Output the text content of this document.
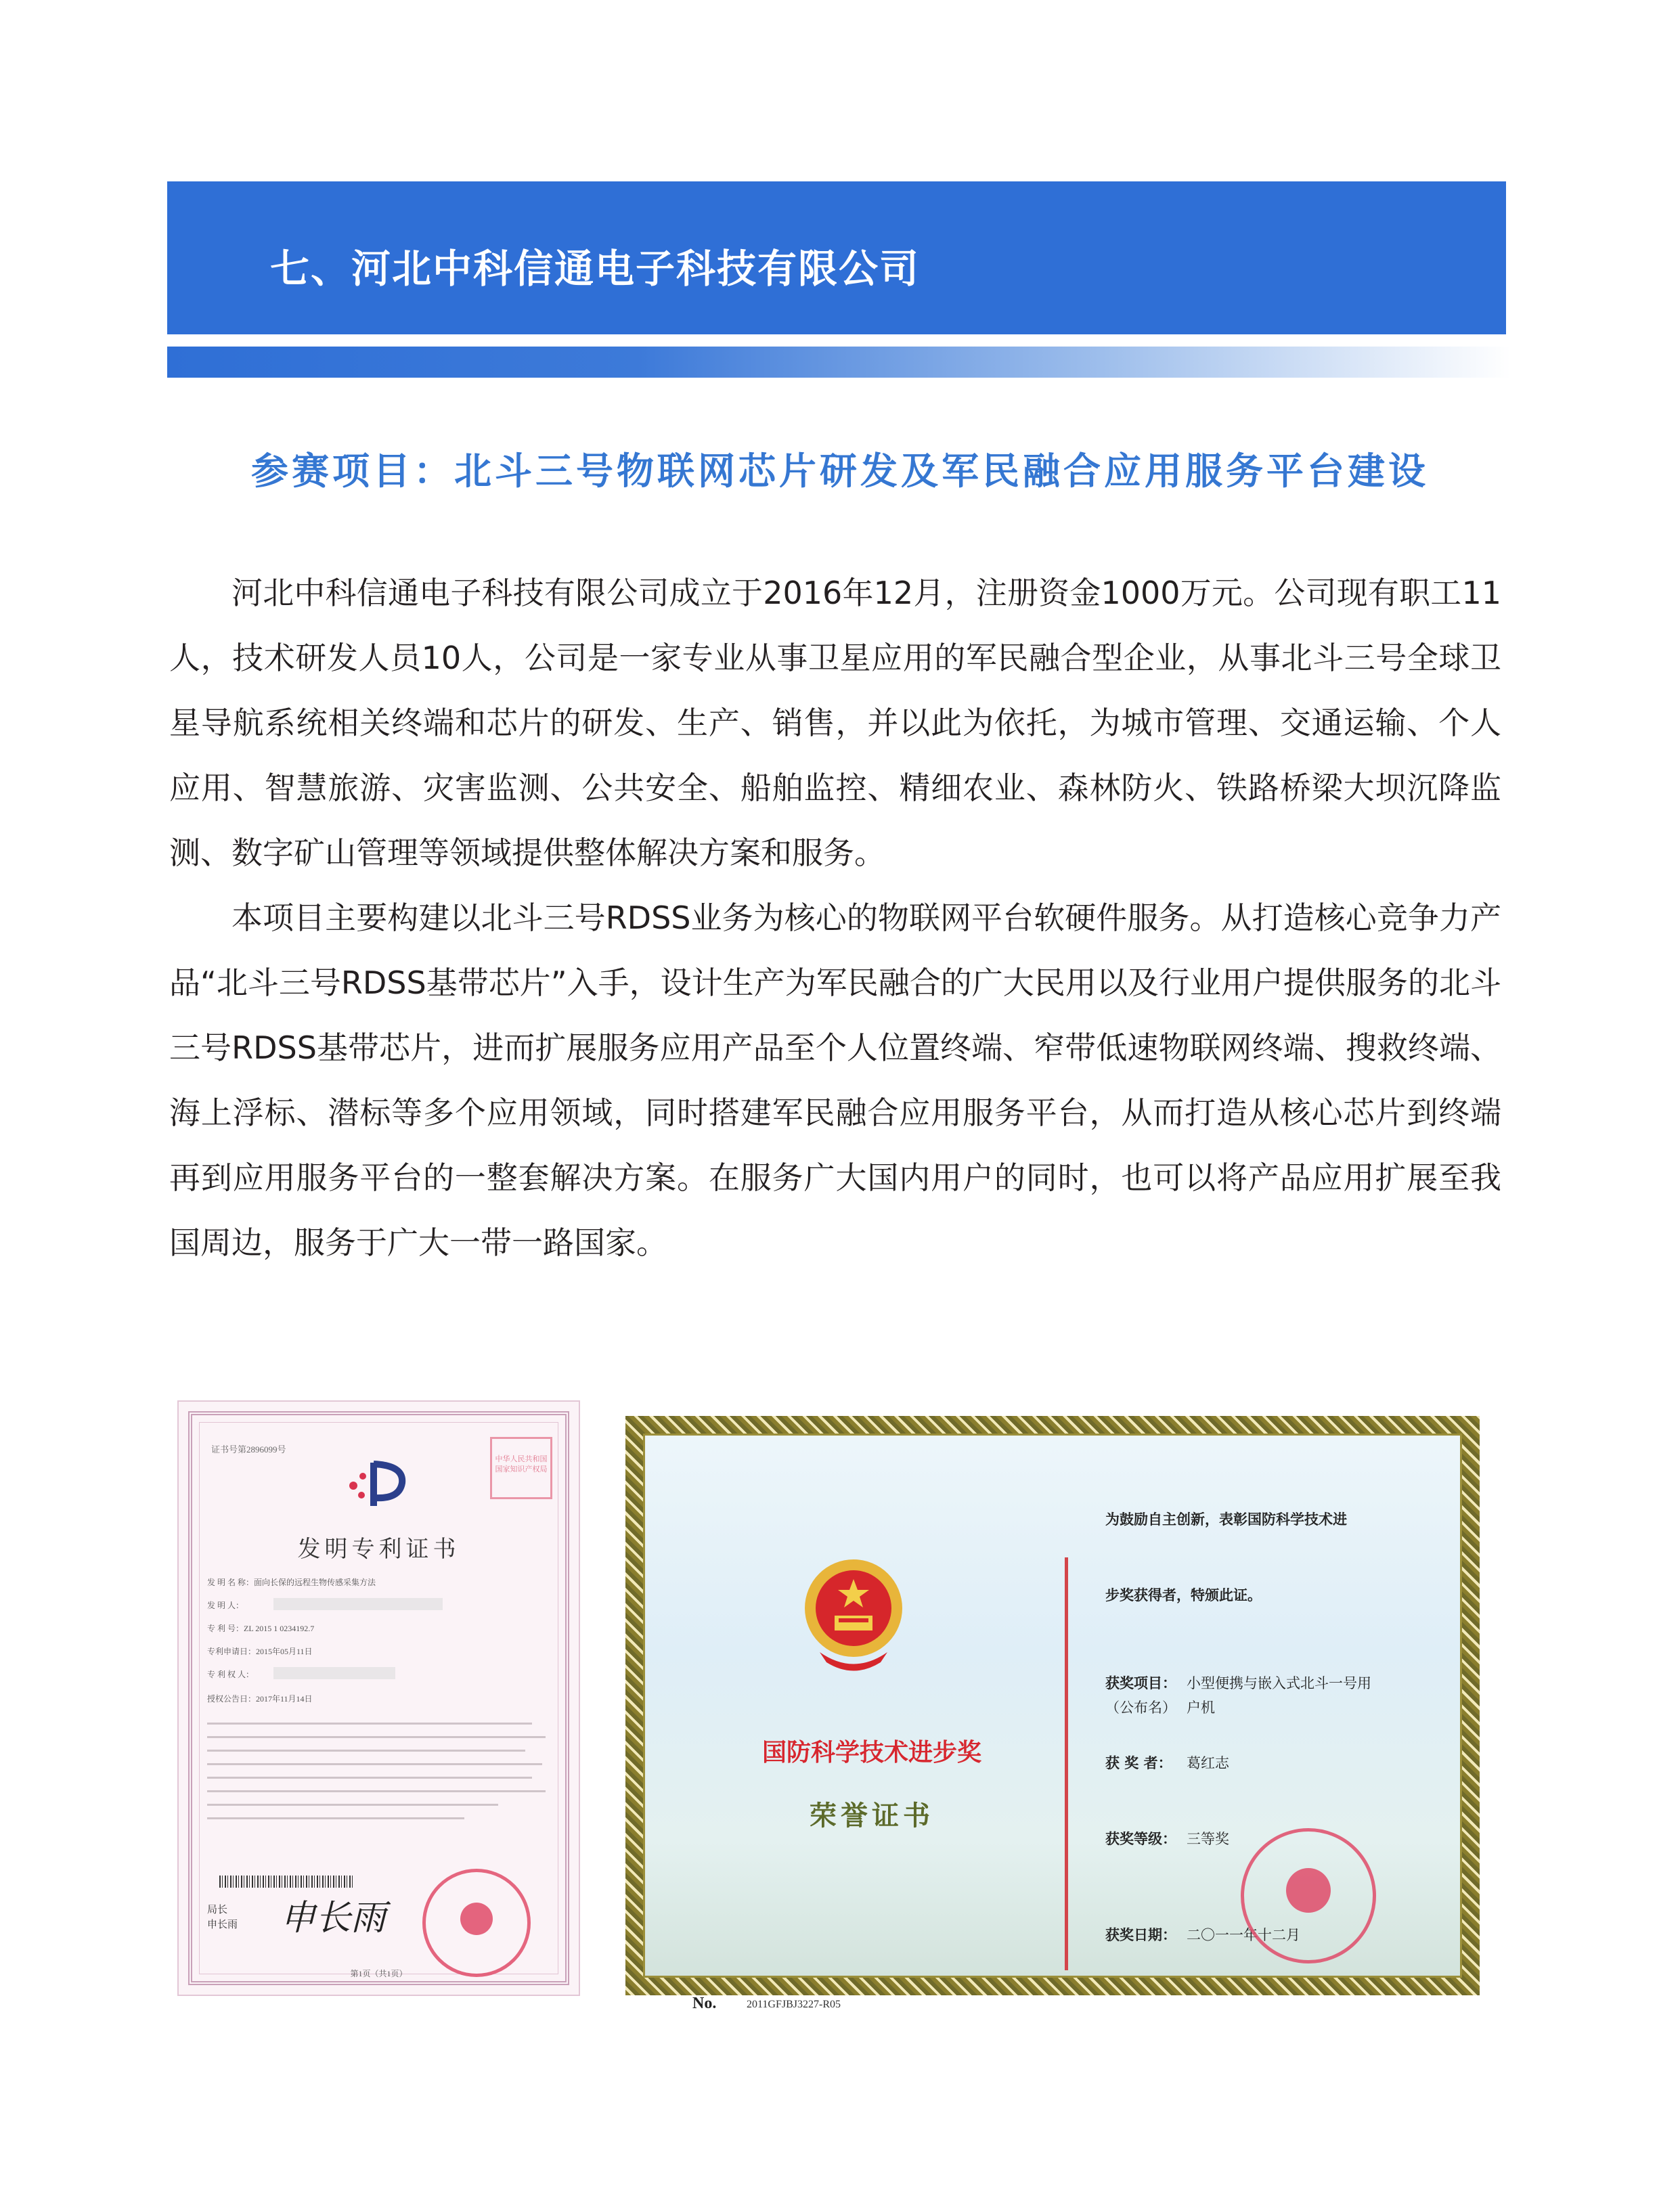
七、河北中科信通电子科技有限公司
参赛项目：北斗三号物联网芯片研发及军民融合应用服务平台建设

河北中科信通电子科技有限公司成立于2016年12月，注册资金1000万元。公司现有职工11人，技术研发人员10人，公司是一家专业从事卫星应用的军民融合型企业，从事北斗三号全球卫星导航系统相关终端和芯片的研发、生产、销售，并以此为依托，为城市管理、交通运输、个人应用、智慧旅游、灾害监测、公共安全、船舶监控、精细农业、森林防火、铁路桥梁大坝沉降监测、数字矿山管理等领域提供整体解决方案和服务。

本项目主要构建以北斗三号RDSS业务为核心的物联网平台软硬件服务。从打造核心竞争力产品“北斗三号RDSS基带芯片”入手，设计生产为军民融合的广大民用以及行业用户提供服务的北斗三号RDSS基带芯片，进而扩展服务应用产品至个人位置终端、窄带低速物联网终端、搜救终端、海上浮标、潜标等多个应用领域，同时搭建军民融合应用服务平台，从而打造从核心芯片到终端再到应用服务平台的一整套解决方案。在服务广大国内用户的同时，也可以将产品应用扩展至我国周边，服务于广大一带一路国家。

证书号第2896099号
中华人民共和国国家知识产权局
发明专利证书
发 明 名 称：面向长保的远程生物传感采集方法
发 明 人：
专 利 号：ZL 2015 1 0234192.7
专利申请日：2015年05月11日
专 利 权 人：
授权公告日：2017年11月14日
局长
申长雨 申长雨
第1页（共1页）
国防科学技术进步奖
荣誉证书
No.	2011GFJBJ3227-R05
为鼓励自主创新，表彰国防科学技术进
步奖获得者，特颁此证。
获奖项目：
（公布名）
小型便携与嵌入式北斗一号用
户机
获 奖 者： 葛红志
获奖等级： 三等奖
获奖日期： 二〇一一年十二月
